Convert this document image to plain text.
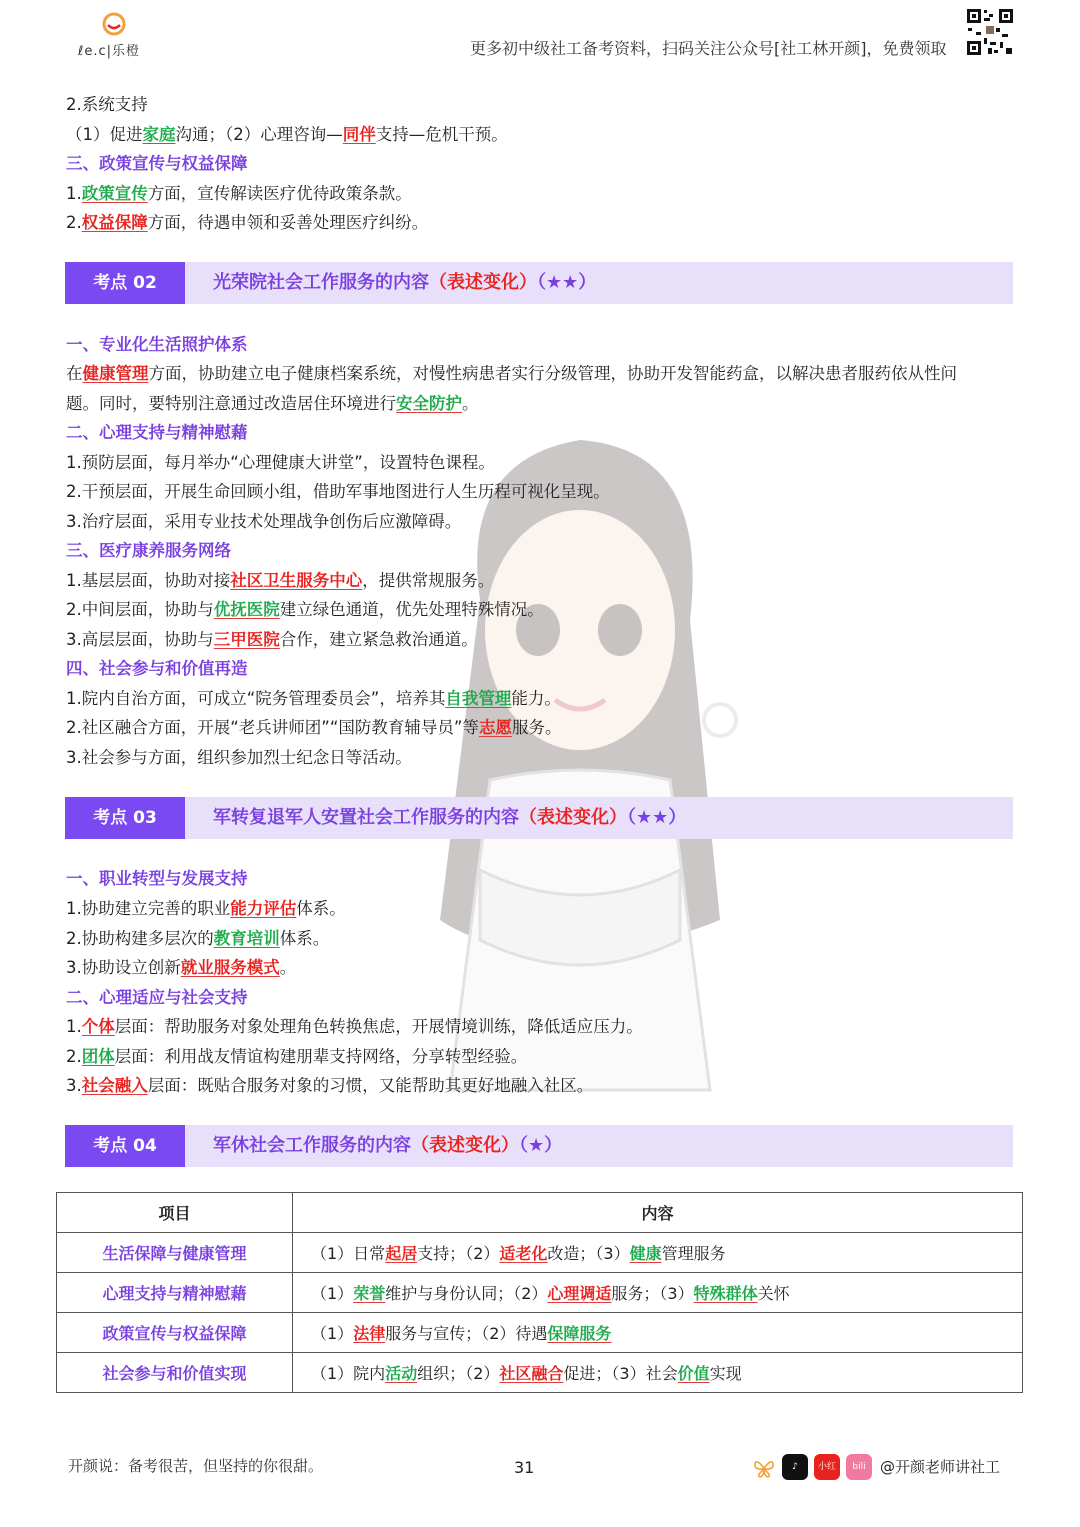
ℓe.c|乐橙	更多初中级社工备考资料，扫码关注公众号[社工林开颜]，免费领取
2.系统支持
（1）促进家庭沟通；（2）心理咨询—同伴支持—危机干预。
三、政策宣传与权益保障
1.政策宣传方面，宣传解读医疗优待政策条款。
2.权益保障方面，待遇申领和妥善处理医疗纠纷。
考点 02	光荣院社会工作服务的内容（表述变化）（★★）
一、专业化生活照护体系
在健康管理方面，协助建立电子健康档案系统，对慢性病患者实行分级管理，协助开发智能药盒，以解决患者服药依从性问
题。同时，要特别注意通过改造居住环境进行安全防护。
二、心理支持与精神慰藉
1.预防层面，每月举办“心理健康大讲堂”，设置特色课程。
2.干预层面，开展生命回顾小组，借助军事地图进行人生历程可视化呈现。
3.治疗层面，采用专业技术处理战争创伤后应激障碍。
三、医疗康养服务网络
1.基层层面，协助对接社区卫生服务中心，提供常规服务。
2.中间层面，协助与优抚医院建立绿色通道，优先处理特殊情况。
3.高层层面，协助与三甲医院合作，建立紧急救治通道。
四、社会参与和价值再造
1.院内自治方面，可成立“院务管理委员会”，培养其自我管理能力。
2.社区融合方面，开展“老兵讲师团”“国防教育辅导员”等志愿服务。
3.社会参与方面，组织参加烈士纪念日等活动。
考点 03	军转复退军人安置社会工作服务的内容（表述变化）（★★）
一、职业转型与发展支持
1.协助建立完善的职业能力评估体系。
2.协助构建多层次的教育培训体系。
3.协助设立创新就业服务模式。
二、心理适应与社会支持
1.个体层面：帮助服务对象处理角色转换焦虑，开展情境训练，降低适应压力。
2.团体层面：利用战友情谊构建朋辈支持网络，分享转型经验。
3.社会融入层面：既贴合服务对象的习惯，又能帮助其更好地融入社区。
考点 04	军休社会工作服务的内容（表述变化）（★）
项目	内容
生活保障与健康管理	（1）日常起居支持；（2）适老化改造；（3）健康管理服务
心理支持与精神慰藉	（1）荣誉维护与身份认同；（2）心理调适服务；（3）特殊群体关怀
政策宣传与权益保障	（1）法律服务与宣传；（2）待遇保障服务
社会参与和价值实现	（1）院内活动组织；（2）社区融合促进；（3）社会价值实现
开颜说：备考很苦，但坚持的你很甜。	31	♪	小红书
bili @开颜老师讲社工
